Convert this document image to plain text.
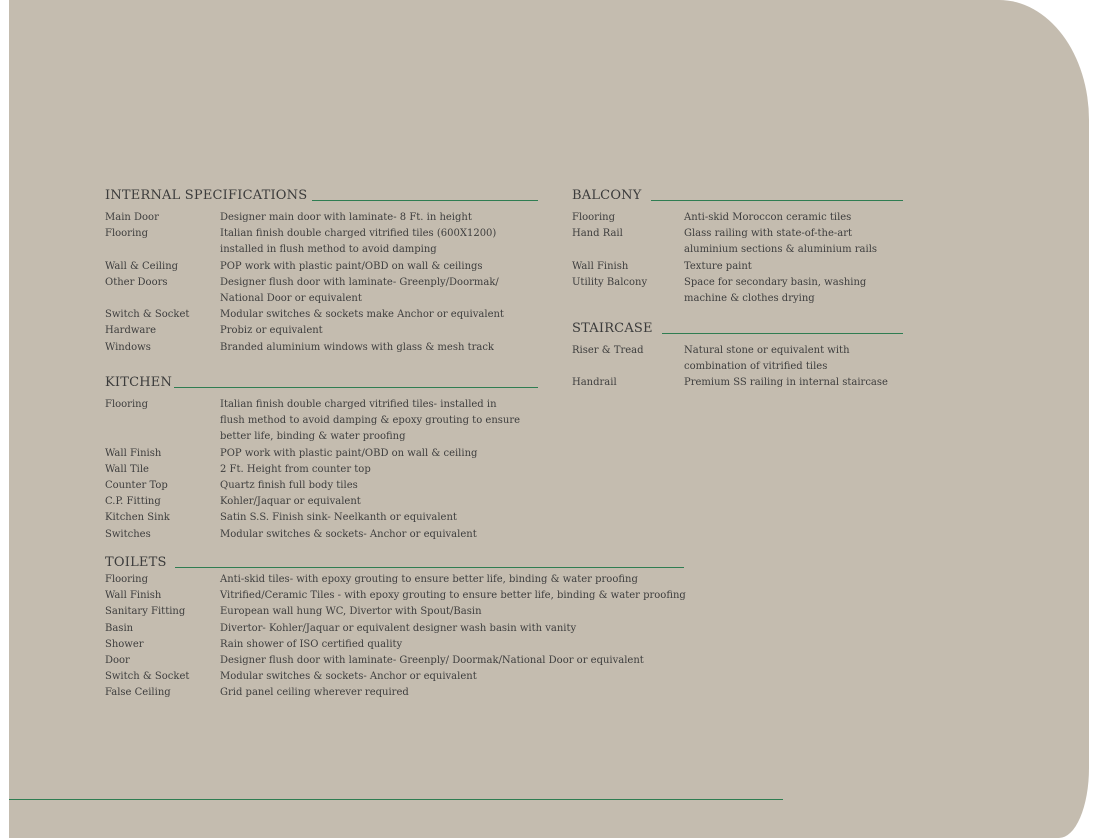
INTERNAL SPECIFICATIONS
Main Door	Designer main door with laminate- 8 Ft. in height
Flooring	Italian finish double charged vitrified tiles (600X1200) installed in flush method to avoid damping
Wall & Ceiling	POP work with plastic paint/OBD on wall & ceilings
Other Doors	Designer flush door with laminate- Greenply/Doormak/ National Door or equivalent
Switch & Socket	Modular switches & sockets make Anchor or equivalent
Hardware	Probiz or equivalent
Windows	Branded aluminium windows with glass & mesh track
KITCHEN
Flooring	Italian finish double charged vitrified tiles- installed in flush method to avoid damping & epoxy grouting to ensure better life, binding & water proofing
Wall Finish	POP work with plastic paint/OBD on wall & ceiling
Wall Tile	2 Ft. Height from counter top
Counter Top	Quartz finish full body tiles
C.P. Fitting	Kohler/Jaquar or equivalent
Kitchen Sink	Satin S.S. Finish sink- Neelkanth or equivalent
Switches	Modular switches & sockets- Anchor or equivalent
TOILETS
Flooring	Anti-skid tiles- with epoxy grouting to ensure better life, binding & water proofing
Wall Finish	Vitrified/Ceramic Tiles - with epoxy grouting to ensure better life, binding & water proofing
Sanitary Fitting	European wall hung WC, Divertor with Spout/Basin
Basin	Divertor- Kohler/Jaquar or equivalent designer wash basin with vanity
Shower	Rain shower of ISO certified quality
Door	Designer flush door with laminate- Greenply/ Doormak/National Door or equivalent
Switch & Socket	Modular switches & sockets- Anchor or equivalent
False Ceiling	Grid panel ceiling wherever required
BALCONY
Flooring	Anti-skid Moroccon ceramic tiles
Hand Rail	Glass railing with state-of-the-art aluminium sections & aluminium rails
Wall Finish	Texture paint
Utility Balcony	Space for secondary basin, washing machine & clothes drying
STAIRCASE
Riser & Tread	Natural stone or equivalent with combination of vitrified tiles
Handrail	Premium SS railing in internal staircase
